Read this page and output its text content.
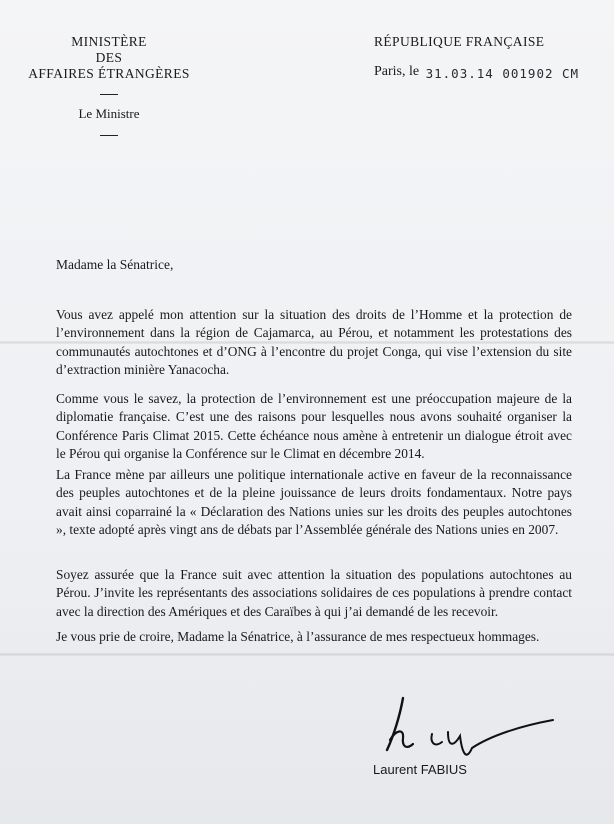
MINISTÈRE
DES
AFFAIRES ÉTRANGÈRES
Le Ministre
RÉPUBLIQUE FRANÇAISE
Paris, le 31.03.14 001902 CM
Madame la Sénatrice,
Vous avez appelé mon attention sur la situation des droits de l’Homme et la protection de l’environnement dans la région de Cajamarca, au Pérou, et notamment les protestations des communautés autochtones et d’ONG à l’encontre du projet Conga, qui vise l’extension du site d’extraction minière Yanacocha.
Comme vous le savez, la protection de l’environnement est une préoccupation majeure de la diplomatie française. C’est une des raisons pour lesquelles nous avons souhaité organiser la Conférence Paris Climat 2015. Cette échéance nous amène à entretenir un dialogue étroit avec le Pérou qui organise la Conférence sur le Climat en décembre 2014.
La France mène par ailleurs une politique internationale active en faveur de la reconnaissance des peuples autochtones et de la pleine jouissance de leurs droits fondamentaux. Notre pays avait ainsi coparrainé la « Déclaration des Nations unies sur les droits des peuples autochtones », texte adopté après vingt ans de débats par l’Assemblée générale des Nations unies en 2007.
Soyez assurée que la France suit avec attention la situation des populations autochtones au Pérou. J’invite les représentants des associations solidaires de ces populations à prendre contact avec la direction des Amériques et des Caraïbes à qui j’ai demandé de les recevoir.
Je vous prie de croire, Madame la Sénatrice, à l’assurance de mes respectueux hommages.
Laurent FABIUS
